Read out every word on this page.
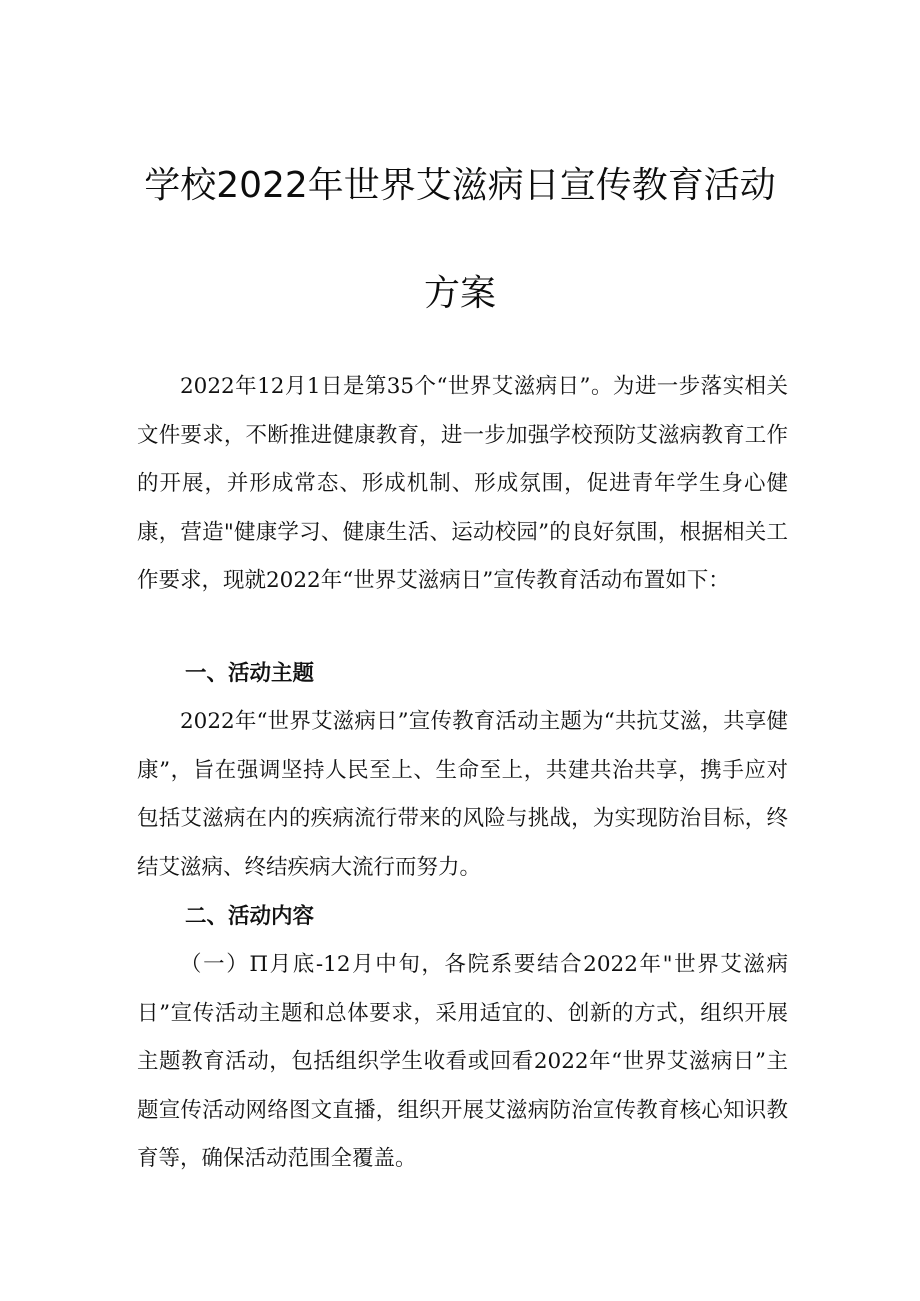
学校2022年世界艾滋病日宣传教育活动
方案

2022年12月1日是第35个“世界艾滋病日”。为进一步落实相关文件要求，不断推进健康教育，进一步加强学校预防艾滋病教育工作的开展，并形成常态、形成机制、形成氛围，促进青年学生身心健康，营造"健康学习、健康生活、运动校园”的良好氛围，根据相关工作要求，现就2022年“世界艾滋病日”宣传教育活动布置如下：

一、活动主题

2022年“世界艾滋病日”宣传教育活动主题为“共抗艾滋，共享健康”，旨在强调坚持人民至上、生命至上，共建共治共享，携手应对包括艾滋病在内的疾病流行带来的风险与挑战，为实现防治目标，终结艾滋病、终结疾病大流行而努力。

二、活动内容

（一）Π月底-12月中旬，各院系要结合2022年"世界艾滋病日”宣传活动主题和总体要求，采用适宜的、创新的方式，组织开展主题教育活动，包括组织学生收看或回看2022年“世界艾滋病日”主题宣传活动网络图文直播，组织开展艾滋病防治宣传教育核心知识教育等，确保活动范围全覆盖。
